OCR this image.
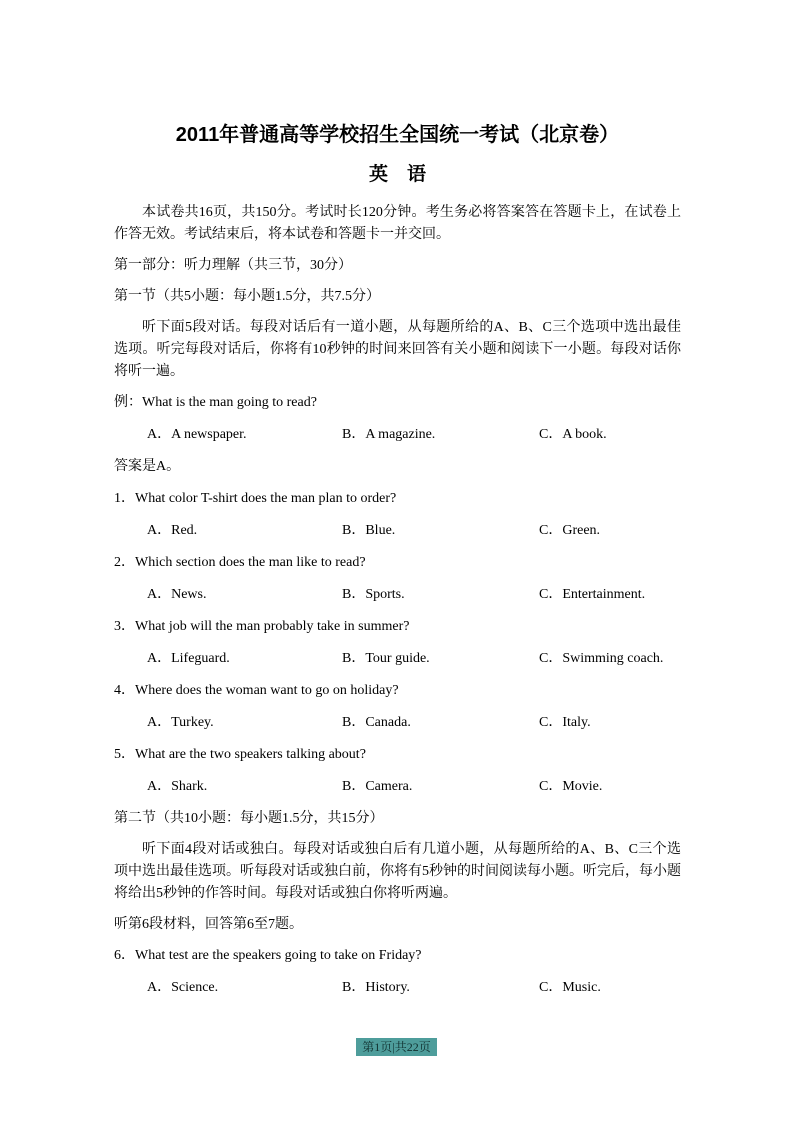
2011年普通高等学校招生全国统一考试（北京卷）
英　语
本试卷共16页，共150分。考试时长120分钟。考生务必将答案答在答题卡上，在试卷上作答无效。考试结束后，将本试卷和答题卡一并交回。
第一部分：听力理解（共三节，30分）
第一节（共5小题：每小题1.5分，共7.5分）
听下面5段对话。每段对话后有一道小题，从每题所给的A、B、C三个选项中选出最佳选项。听完每段对话后，你将有10秒钟的时间来回答有关小题和阅读下一小题。每段对话你将听一遍。
例：What is the man going to read?
A．A newspaper.	B．A magazine.	C．A book.
答案是A。
1．What color T-shirt does the man plan to order?
A．Red.	B．Blue.	C．Green.
2．Which section does the man like to read?
A．News.	B．Sports.	C．Entertainment.
3．What job will the man probably take in summer?
A．Lifeguard.	B．Tour guide.	C．Swimming coach.
4．Where does the woman want to go on holiday?
A．Turkey.	B．Canada.	C．Italy.
5．What are the two speakers talking about?
A．Shark.	B．Camera.	C．Movie.
第二节（共10小题：每小题1.5分，共15分）
听下面4段对话或独白。每段对话或独白后有几道小题，从每题所给的A、B、C三个选项中选出最佳选项。听每段对话或独白前，你将有5秒钟的时间阅读每小题。听完后，每小题将给出5秒钟的作答时间。每段对话或独白你将听两遍。
听第6段材料，回答第6至7题。
6．What test are the speakers going to take on Friday?
A．Science.	B．History.	C．Music.
第1页|共22页
